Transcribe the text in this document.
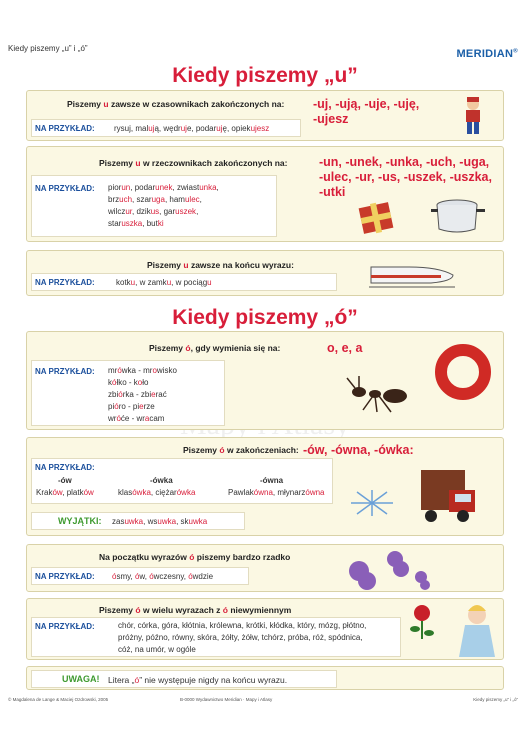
Kiedy piszemy „u” i „ó”	MERIDIAN®
Kiedy piszemy „u”
Piszemy u zawsze w czasownikach zakończonych na: -uj, -ują, -uje, -uję,
-ujesz
NA PRZYKŁAD: rysuj, malują, wędruje, podaruję, opiekujesz
Piszemy u w rzeczownikach zakończonych na:	-un, -unek, -unka, -uch, -uga,
-ulec, -ur, -us, -uszek, -uszka,
-utki
NA PRZYKŁAD: piorun, podarunek, zwiastunka,
brzuch, szaruga, hamulec,
wilczur, dzikus, garuszek,
staruszka, butki
Piszemy u zawsze na końcu wyrazu:
NA PRZYKŁAD:	kotku, w zamku, w pociągu
Kiedy piszemy „ó”
Piszemy ó, gdy wymienia się na:	o, e, a
NA PRZYKŁAD: mrówka - mrowisko
kółko - koło
zbiórka - zbierać
pióro - pierze
wróće - wracam
Piszemy ó w zakończeniach: -ów, -ówna, -ówka:
NA PRZYKŁAD:
-ów	-ówka	-ówna
Kraków, platków	klasówka, ciężarówka	Pawlakówna, młynarzówna
WYJĄTKI: zasuwka, wsuwka, skuwka
Na początku wyrazów ó piszemy bardzo rzadko
NA PRZYKŁAD: ósmy, ów, ówczesny, ówdzie
Piszemy ó w wielu wyrazach z ó niewymiennym
NA PRZYKŁAD:	chór, córka, góra, kłótnia, królewna, krótki, kłódka, który, mózg, płótno,
próżny, późno, równy, skóra, żółty, żółw, tchórz, próba, róż, spódnica,
cóż, na umór, w ogóle
UWAGA! Litera „ó” nie występuje nigdy na końcu wyrazu.
© Magdalena de Lange & Maciej Ozdrowski, 2005	B-0000 Wydawnictwo Meridian · Mapy i Atlasy	Kiedy piszemy „u” i „ó”
